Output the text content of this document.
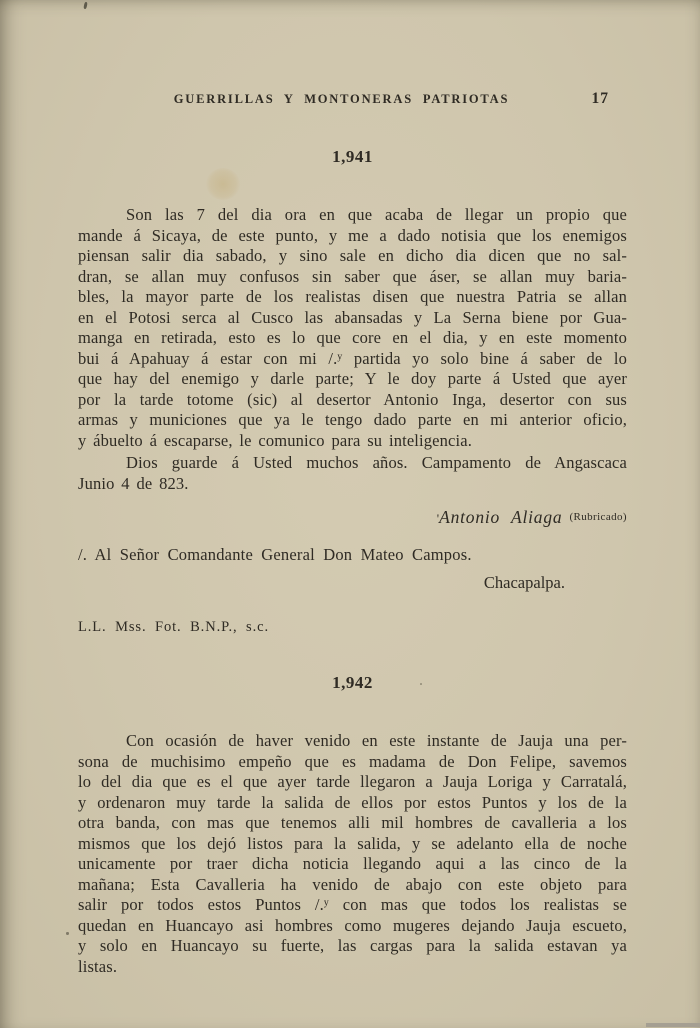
GUERRILLAS Y MONTONERAS PATRIOTAS	17
1,941
Son las 7 del dia ora en que acaba de llegar un propio que
mande á Sicaya, de este punto, y me a dado notisia que los enemigos
piensan salir dia sabado, y sino sale en dicho dia dicen que no sal-
dran, se allan muy confusos sin saber que áser, se allan muy baria-
bles, la mayor parte de los realistas disen que nuestra Patria se allan
en el Potosi serca al Cusco las abansadas y La Serna biene por Gua-
manga en retirada, esto es lo que core en el dia, y en este momento
bui á Apahuay á estar con mi /.ʸ partida yo solo bine á saber de lo
que hay del enemigo y darle parte; Y le doy parte á Usted que ayer
por la tarde totome (sic) al desertor Antonio Inga, desertor con sus
armas y municiones que ya le tengo dado parte en mi anterior oficio,
y ábuelto á escaparse, le comunico para su inteligencia.
Dios guarde á Usted muchos años. Campamento de Angascaca
Junio 4 de 823.
'Antonio Aliaga (Rubricado)
/. Al Señor Comandante General Don Mateo Campos.
Chacapalpa.
L.L. Mss. Fot. B.N.P., s.c.
1,942
Con ocasión de haver venido en este instante de Jauja una per-
sona de muchisimo empeño que es madama de Don Felipe, savemos
lo del dia que es el que ayer tarde llegaron a Jauja Loriga y Carratalá,
y ordenaron muy tarde la salida de ellos por estos Puntos y los de la
otra banda, con mas que tenemos alli mil hombres de cavalleria a los
mismos que los dejó listos para la salida, y se adelanto ella de noche
unicamente por traer dicha noticia llegando aqui a las cinco de la
mañana; Esta Cavalleria ha venido de abajo con este objeto para
salir por todos estos Puntos /.ʸ con mas que todos los realistas se
quedan en Huancayo asi hombres como mugeres dejando Jauja escueto,
y solo en Huancayo su fuerte, las cargas para la salida estavan ya
listas.
